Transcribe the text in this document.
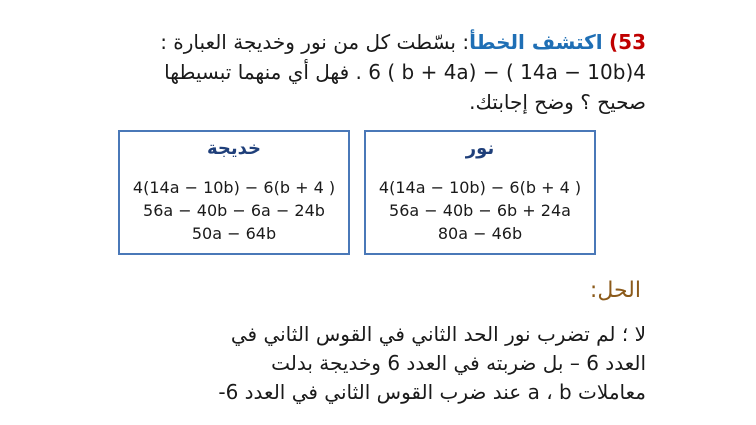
53) اكتشف الخطأ: بسّطت كل من نور وخديجة العبارة :
4(14a − 10b ) − 6 ( b + 4a) . فهل أي منهما تبسيطها
صحيح ؟ وضح إجابتك.
خديجة
4(14a − 10b) − 6(b + 4 )
56a − 40b − 6a − 24b
50a − 64b
نور
4(14a − 10b) − 6(b + 4 )
56a − 40b − 6b + 24a
80a − 46b
الحل:
لا ؛ لم تضرب نور الحد الثاني في القوس الثاني في
العدد 6 – بل ضربته في العدد 6 وخديجة بدلت
معاملات a ، b عند ضرب القوس الثاني في العدد 6-
